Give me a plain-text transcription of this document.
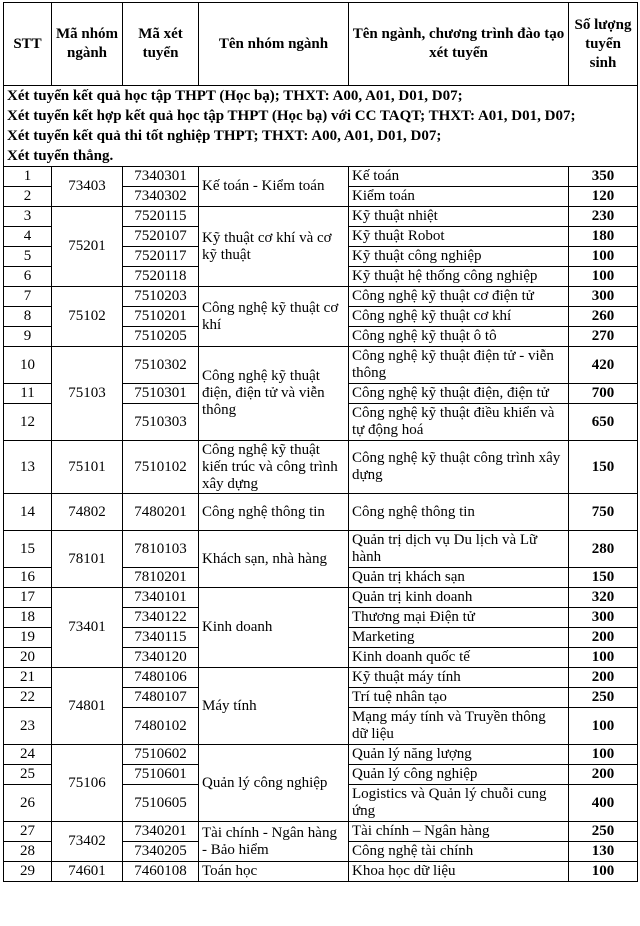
STT	Mã nhóm ngành	Mã xét tuyển	Tên nhóm ngành	Tên ngành, chương trình đào tạo xét tuyển	Số lượng tuyển sinh

Xét tuyển kết quả học tập THPT (Học bạ); THXT: A00, A01, D01, D07;
Xét tuyển kết hợp kết quả học tập THPT (Học bạ) với CC TAQT; THXT: A01, D01, D07;
Xét tuyển kết quả thi tốt nghiệp THPT; THXT: A00, A01, D01, D07;
Xét tuyển thẳng.					

1	73403	7340301	Kế toán - Kiểm toán	Kế toán	350
2		7340302		Kiểm toán	120
3	75201	7520115	Kỹ thuật cơ khí và cơ kỹ thuật	Kỹ thuật nhiệt	230
4		7520107		Kỹ thuật Robot	180
5		7520117		Kỹ thuật công nghiệp	100
6		7520118		Kỹ thuật hệ thống công nghiệp	100
7	75102	7510203	Công nghệ kỹ thuật cơ khí	Công nghệ kỹ thuật cơ điện tử	300
8		7510201		Công nghệ kỹ thuật cơ khí	260
9		7510205		Công nghệ kỹ thuật ô tô	270
10	75103	7510302	Công nghệ kỹ thuật điện, điện tử và viễn thông	Công nghệ kỹ thuật điện tử - viễn thông	420
11		7510301		Công nghệ kỹ thuật điện, điện tử	700
12		7510303		Công nghệ kỹ thuật điều khiển và tự động hoá	650
13	75101	7510102	Công nghệ kỹ thuật kiến trúc và công trình xây dựng	Công nghệ kỹ thuật công trình xây dựng	150
14	74802	7480201	Công nghệ thông tin	Công nghệ thông tin	750
15	78101	7810103	Khách sạn, nhà hàng	Quản trị dịch vụ Du lịch và Lữ hành	280
16		7810201		Quản trị khách sạn	150
17	73401	7340101	Kinh doanh	Quản trị kinh doanh	320
18		7340122		Thương mại Điện tử	300
19		7340115		Marketing	200
20		7340120		Kinh doanh quốc tế	100
21	74801	7480106	Máy tính	Kỹ thuật máy tính	200
22		7480107		Trí tuệ nhân tạo	250
23		7480102		Mạng máy tính và Truyền thông dữ liệu	100
24	75106	7510602	Quản lý công nghiệp	Quản lý năng lượng	100
25		7510601		Quản lý công nghiệp	200
26		7510605		Logistics và Quản lý chuỗi cung ứng	400
27	73402	7340201	Tài chính - Ngân hàng - Bảo hiểm	Tài chính – Ngân hàng	250
28		7340205		Công nghệ tài chính	130
29	74601	7460108	Toán học	Khoa học dữ liệu	100
